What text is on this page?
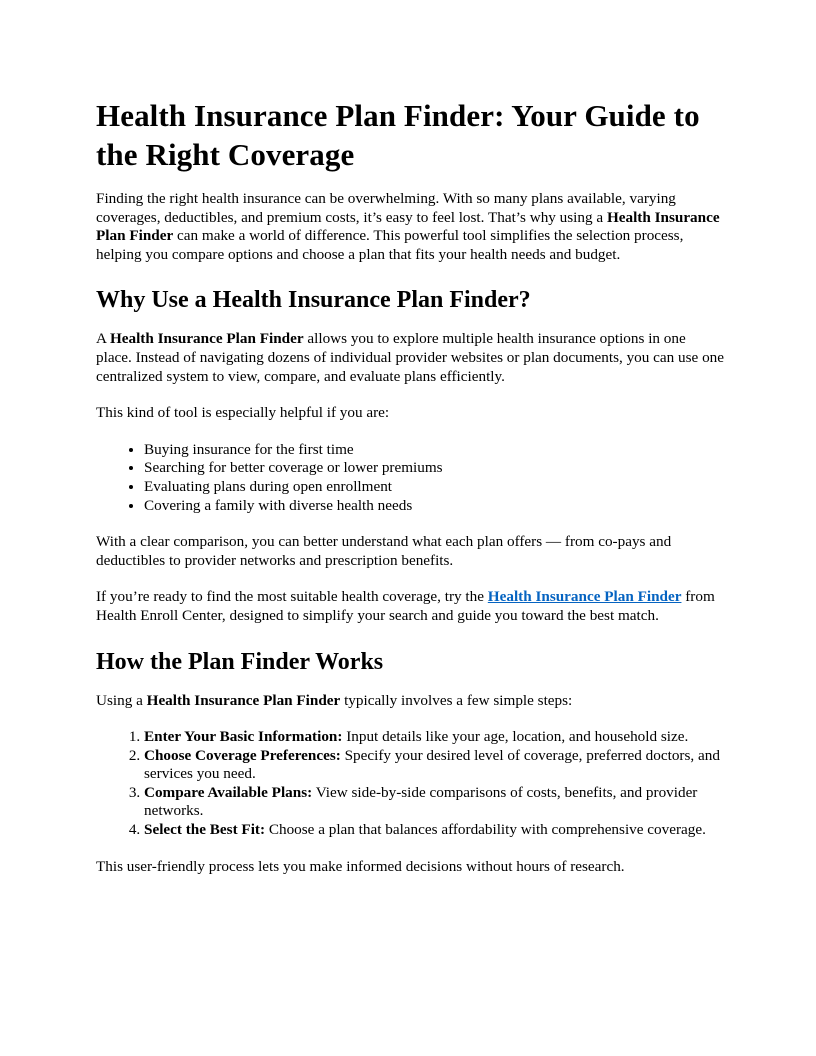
Health Insurance Plan Finder: Your Guide to the Right Coverage

Finding the right health insurance can be overwhelming. With so many plans available, varying coverages, deductibles, and premium costs, it’s easy to feel lost. That’s why using a Health Insurance Plan Finder can make a world of difference. This powerful tool simplifies the selection process, helping you compare options and choose a plan that fits your health needs and budget.

Why Use a Health Insurance Plan Finder?

A Health Insurance Plan Finder allows you to explore multiple health insurance options in one place. Instead of navigating dozens of individual provider websites or plan documents, you can use one centralized system to view, compare, and evaluate plans efficiently.

This kind of tool is especially helpful if you are:

• Buying insurance for the first time
• Searching for better coverage or lower premiums
• Evaluating plans during open enrollment
• Covering a family with diverse health needs

With a clear comparison, you can better understand what each plan offers — from co-pays and deductibles to provider networks and prescription benefits.

If you’re ready to find the most suitable health coverage, try the Health Insurance Plan Finder from Health Enroll Center, designed to simplify your search and guide you toward the best match.

How the Plan Finder Works

Using a Health Insurance Plan Finder typically involves a few simple steps:

1. Enter Your Basic Information: Input details like your age, location, and household size.
2. Choose Coverage Preferences: Specify your desired level of coverage, preferred doctors, and services you need.
3. Compare Available Plans: View side-by-side comparisons of costs, benefits, and provider networks.
4. Select the Best Fit: Choose a plan that balances affordability with comprehensive coverage.

This user-friendly process lets you make informed decisions without hours of research.
